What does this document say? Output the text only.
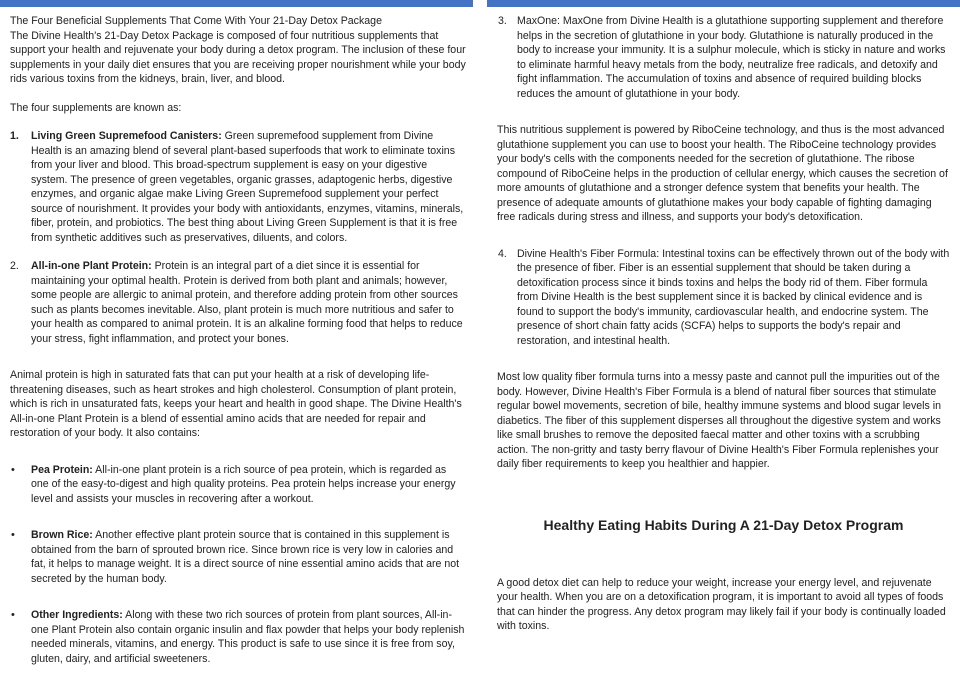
The Four Beneficial Supplements That Come With Your 21-Day Detox Package

The Divine Health's 21-Day Detox Package is composed of four nutritious supplements that support your health and rejuvenate your body during a detox program. The inclusion of these four supplements in your daily diet ensures that you are receiving proper nourishment while your body rids various toxins from the kidneys, brain, liver, and blood.

The four supplements are known as:

1. Living Green Supremefood Canisters: Green supremefood supplement from Divine Health is an amazing blend of several plant-based superfoods that work to eliminate toxins from your liver and blood. This broad-spectrum supplement is easy on your digestive system. The presence of green vegetables, organic grasses, adaptogenic herbs, digestive enzymes, and organic algae make Living Green Supremefood supplement your perfect source of nourishment. It provides your body with antioxidants, enzymes, vitamins, minerals, fiber, protein, and probiotics. The best thing about Living Green Supplement is that it is free from synthetic additives such as preservatives, diluents, and colors.
2. All-in-one Plant Protein: Protein is an integral part of a diet since it is essential for maintaining your optimal health. Protein is derived from both plant and animals; however, some people are allergic to animal protein, and therefore adding protein from other sources such as plants becomes inevitable. Also, plant protein is much more nutritious and safer to your health as compared to animal protein. It is an alkaline forming food that helps to reduce your stress, fight inflammation, and protect your bones.

Animal protein is high in saturated fats that can put your health at a risk of developing life-threatening diseases, such as heart strokes and high cholesterol. Consumption of plant protein, which is rich in unsaturated fats, keeps your heart and health in good shape. The Divine Health's All-in-one Plant Protein is a blend of essential amino acids that are needed for repair and restoration of your body. It also contains:

• Pea Protein: All-in-one plant protein is a rich source of pea protein, which is regarded as one of the easy-to-digest and high quality proteins. Pea protein helps increase your energy level and assists your muscles in recovering after a workout.
• Brown Rice: Another effective plant protein source that is contained in this supplement is obtained from the barn of sprouted brown rice. Since brown rice is very low in calories and fat, it helps to manage weight. It is a direct source of nine essential amino acids that are not secreted by the human body.
• Other Ingredients: Along with these two rich sources of protein from plant sources, All-in-one Plant Protein also contain organic insulin and flax powder that helps your body replenish needed minerals, vitamins, and energy. This product is safe to use since it is free from soy, gluten, dairy, and artificial sweeteners.
3. MaxOne: MaxOne from Divine Health is a glutathione supporting supplement and therefore helps in the secretion of glutathione in your body. Glutathione is naturally produced in the body to increase your immunity. It is a sulphur molecule, which is sticky in nature and works to eliminate harmful heavy metals from the body, neutralize free radicals, and detoxify and fight inflammation. The accumulation of toxins and absence of required building blocks reduces the amount of glutathione in your body.

This nutritious supplement is powered by RiboCeine technology, and thus is the most advanced glutathione supplement you can use to boost your health. The RiboCeine technology provides your body's cells with the components needed for the secretion of glutathione. The ribose compound of RiboCeine helps in the production of cellular energy, which causes the secretion of more amounts of glutathione and a stronger defence system that benefits your health. The presence of adequate amounts of glutathione makes your body capable of fighting damaging free radicals during stress and illness, and supports your body's detoxification.

4. Divine Health's Fiber Formula: Intestinal toxins can be effectively thrown out of the body with the presence of fiber. Fiber is an essential supplement that should be taken during a detoxification process since it binds toxins and helps the body rid of them. Fiber formula from Divine Health is the best supplement since it is backed by clinical evidence and is found to support the body's immunity, cardiovascular health, and endocrine system. The presence of short chain fatty acids (SCFA) helps to supports the body's repair and restoration, and intestinal health.

Most low quality fiber formula turns into a messy paste and cannot pull the impurities out of the body. However, Divine Health's Fiber Formula is a blend of natural fiber sources that stimulate regular bowel movements, secretion of bile, healthy immune systems and blood sugar levels in diabetics. The fiber of this supplement disperses all throughout the digestive system and works like small brushes to remove the deposited faecal matter and other toxins with a scrubbing action. The non-gritty and tasty berry flavour of Divine Health's Fiber Formula replenishes your daily fiber requirements to keep you healthier and happier.

Healthy Eating Habits During A 21-Day Detox Program

A good detox diet can help to reduce your weight, increase your energy level, and rejuvenate your health. When you are on a detoxification program, it is important to avoid all types of foods that can hinder the progress. Any detox program may likely fail if your body is continually loaded with toxins.
